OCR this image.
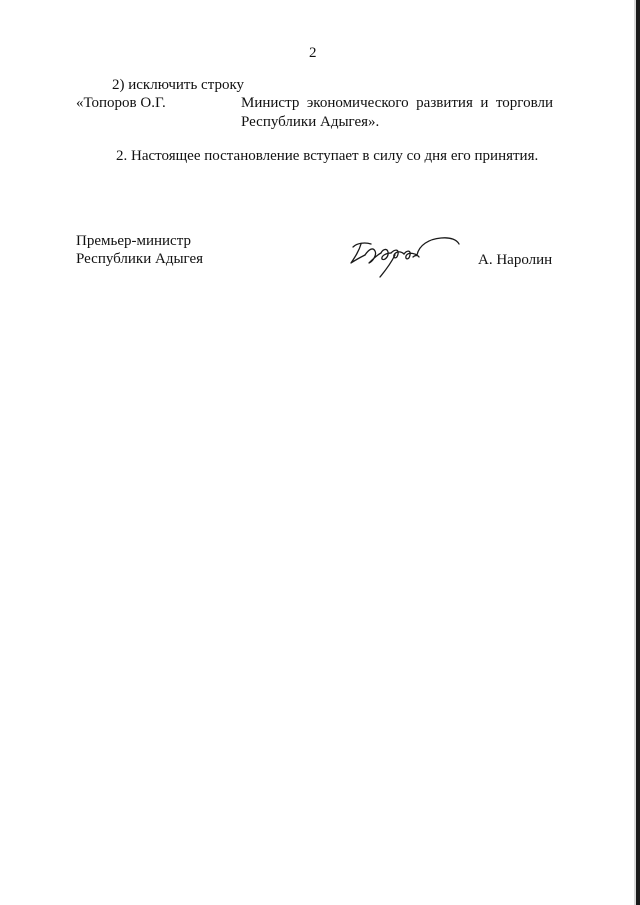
2
2) исключить строку
«Топоров О.Г.	Министр экономического развития и торговли
Республики Адыгея».
2. Настоящее постановление вступает в силу со дня его принятия.
Премьер-министр
Республики Адыгея	А. Наролин
